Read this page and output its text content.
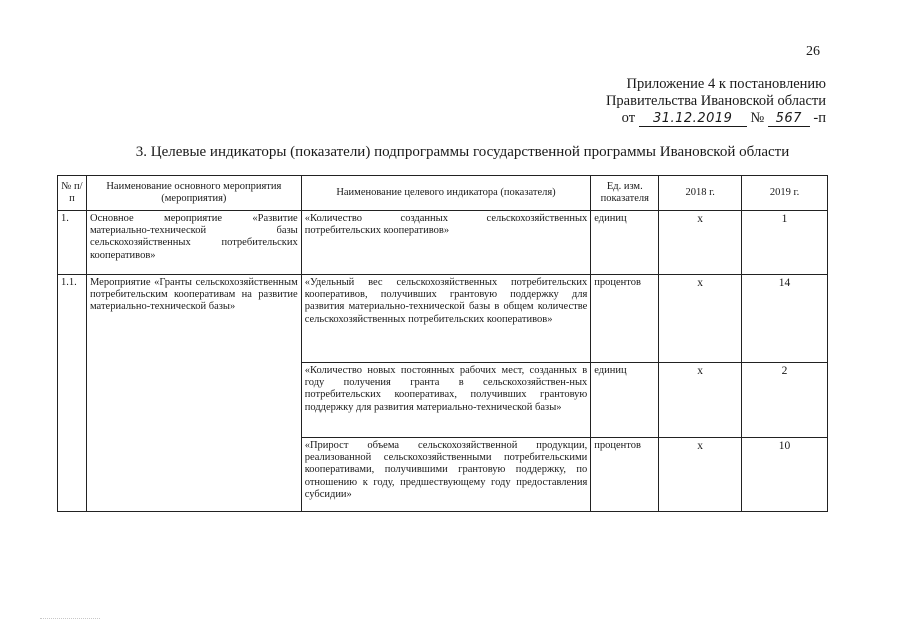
26
Приложение 4 к постановлению
Правительства Ивановской области
от 31.12.2019 № 567 -п
3. Целевые индикаторы (показатели) подпрограммы государственной программы Ивановской области
№ п/п	Наименование основного мероприятия (мероприятия)	Наименование целевого индикатора (показателя)	Ед. изм. показателя	2018 г.	2019 г.
1.	Основное мероприятие «Развитие материально-технической базы сельскохозяйственных потребительских кооперативов»	«Количество созданных сельскохозяйственных потребительских кооперативов»	единиц	х	1
1.1.	Мероприятие «Гранты сельскохозяйственным потребительским кооперативам на развитие материально-технической базы»	«Удельный вес сельскохозяйственных потребительских кооперативов, получивших грантовую поддержку для развития материально-технической базы в общем количестве сельскохозяйственных потребительских кооперативов»	процентов	х	14
		«Количество новых постоянных рабочих мест, созданных в году получения гранта в сельскохозяйствен-ных потребительских кооперативах, получивших грантовую поддержку для развития материально-технической базы»	единиц	х	2
		«Прирост объема сельскохозяйственной продукции, реализованной сельскохозяйственными потребительскими кооперативами, получившими грантовую поддержку, по отношению к году, предшествующему году предоставления субсидии»	процентов	х	10
